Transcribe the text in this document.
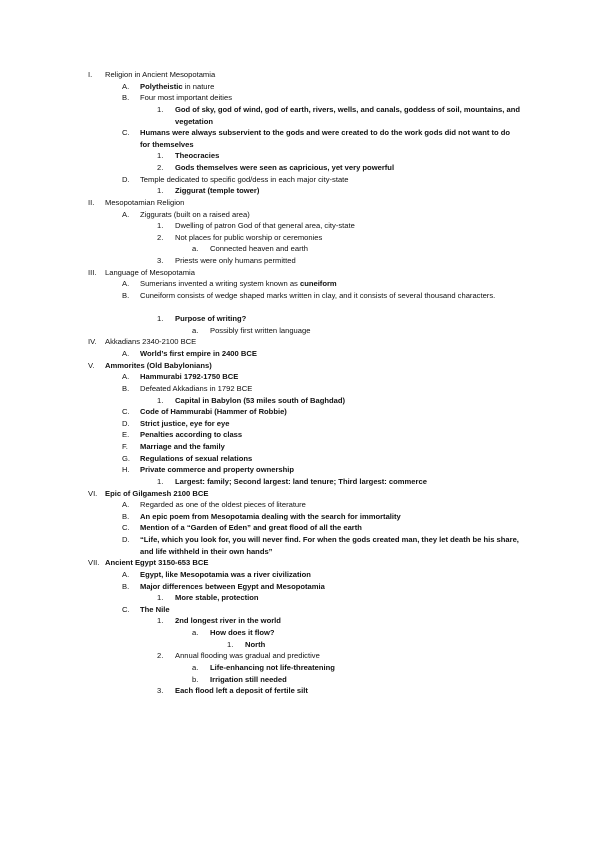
I. Religion in Ancient Mesopotamia
A. Polytheistic in nature
B. Four most important deities
1. God of sky, god of wind, god of earth, rivers, wells, and canals, goddess of soil, mountains, and vegetation
C. Humans were always subservient to the gods and were created to do the work gods did not want to do for themselves
1. Theocracies
2. Gods themselves were seen as capricious, yet very powerful
D. Temple dedicated to specific god/dess in each major city-state
1. Ziggurat (temple tower)
II. Mesopotamian Religion
A. Ziggurats (built on a raised area)
1. Dwelling of patron God of that general area, city-state
2. Not places for public worship or ceremonies
a. Connected heaven and earth
3. Priests were only humans permitted
III. Language of Mesopotamia
A. Sumerians invented a writing system known as cuneiform
B. Cuneiform consists of wedge shaped marks written in clay, and it consists of several thousand characters.
1. Purpose of writing?
a. Possibly first written language
IV. Akkadians 2340-2100 BCE
A. World’s first empire in 2400 BCE
V. Ammorites (Old Babylonians)
A. Hammurabi 1792-1750 BCE
B. Defeated Akkadians in 1792 BCE
1. Capital in Babylon (53 miles south of Baghdad)
C. Code of Hammurabi (Hammer of Robbie)
D. Strict justice, eye for eye
E. Penalties according to class
F. Marriage and the family
G. Regulations of sexual relations
H. Private commerce and property ownership
1. Largest: family; Second largest: land tenure; Third largest: commerce
VI. Epic of Gilgamesh 2100 BCE
A. Regarded as one of the oldest pieces of literature
B. An epic poem from Mesopotamia dealing with the search for immortality
C. Mention of a “Garden of Eden” and great flood of all the earth
D. “Life, which you look for, you will never find. For when the gods created man, they let death be his share, and life withheld in their own hands”
VII. Ancient Egypt 3150-653 BCE
A. Egypt, like Mesopotamia was a river civilization
B. Major differences between Egypt and Mesopotamia
1. More stable, protection
C. The Nile
1. 2nd longest river in the world
a. How does it flow?
1. North
2. Annual flooding was gradual and predictive
a. Life-enhancing not life-threatening
b. Irrigation still needed
3. Each flood left a deposit of fertile silt
